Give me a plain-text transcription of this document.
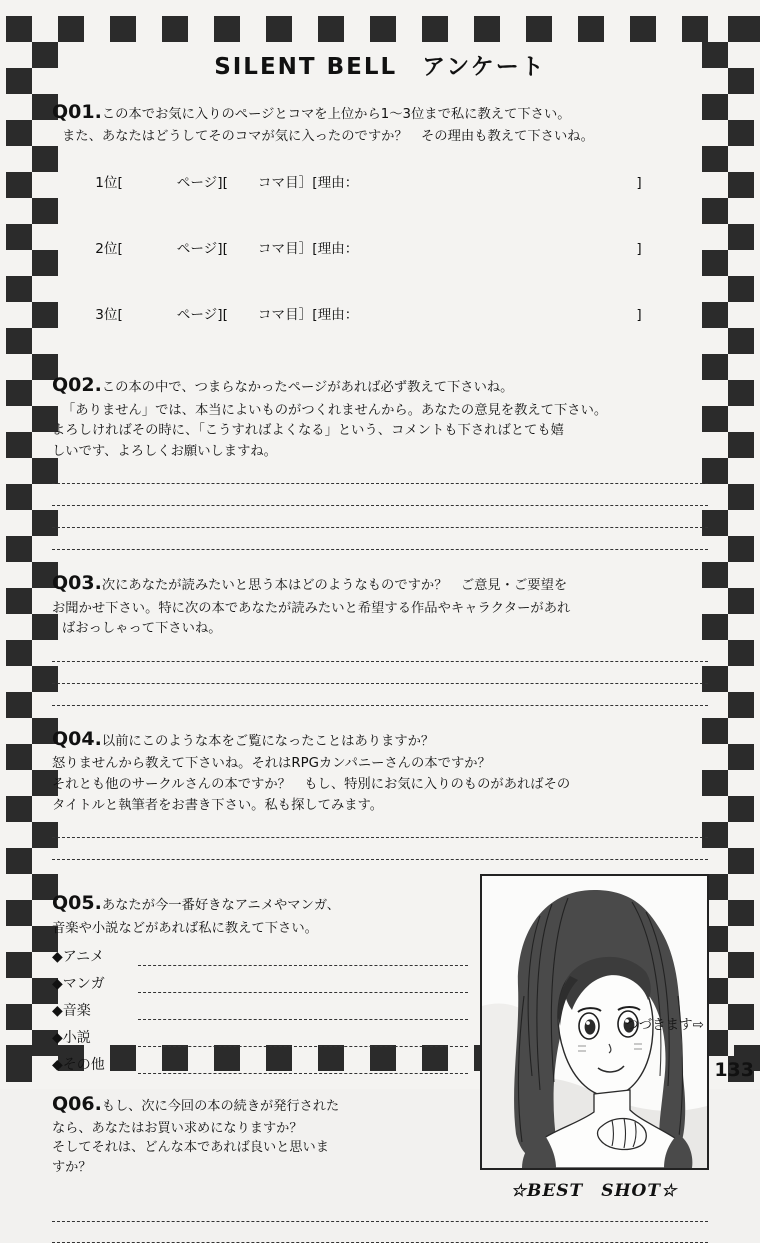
SILENT BELL　アンケート
Q01.この本でお気に入りのページとコマを上位から1〜3位まで私に教えて下さい。
また、あなたはどうしてそのコマが気に入ったのですか？　その理由も教えて下さいね。

1位[	ページ][ コマ目］[理由：	]

2位[	ページ][ コマ目］[理由：	]

3位[	ページ][ コマ目］[理由：	]

Q02.この本の中で、つまらなかったページがあれば必ず教えて下さいね。
「ありません」では、本当によいものがつくれませんから。あなたの意見を教えて下さい。
よろしければその時に、「こうすればよくなる」という、コメントも下さればとても嬉
しいです、よろしくお願いしますね。
Q03.次にあなたが読みたいと思う本はどのようなものですか？　ご意見・ご要望を
お聞かせ下さい。特に次の本であなたが読みたいと希望する作品やキャラクターがあれ
ばおっしゃって下さいね。
Q04.以前にこのような本をご覧になったことはありますか？
怒りませんから教えて下さいね。それはRPGカンパニーさんの本ですか？
それとも他のサークルさんの本ですか？　もし、特別にお気に入りのものがあればその
タイトルと執筆者をお書き下さい。私も探してみます。
Q05.あなたが今一番好きなアニメやマンガ、
音楽や小説などがあれば私に教えて下さい。
◆アニメ
◆マンガ
◆音楽
◆小説
◆その他
Q06.もし、次に今回の本の続きが発行された
なら、あなたはお買い求めになりますか？
そしてそれは、どんな本であれば良いと思いま
すか？
☆BEST　SHOT☆
つづきます⇨
133
